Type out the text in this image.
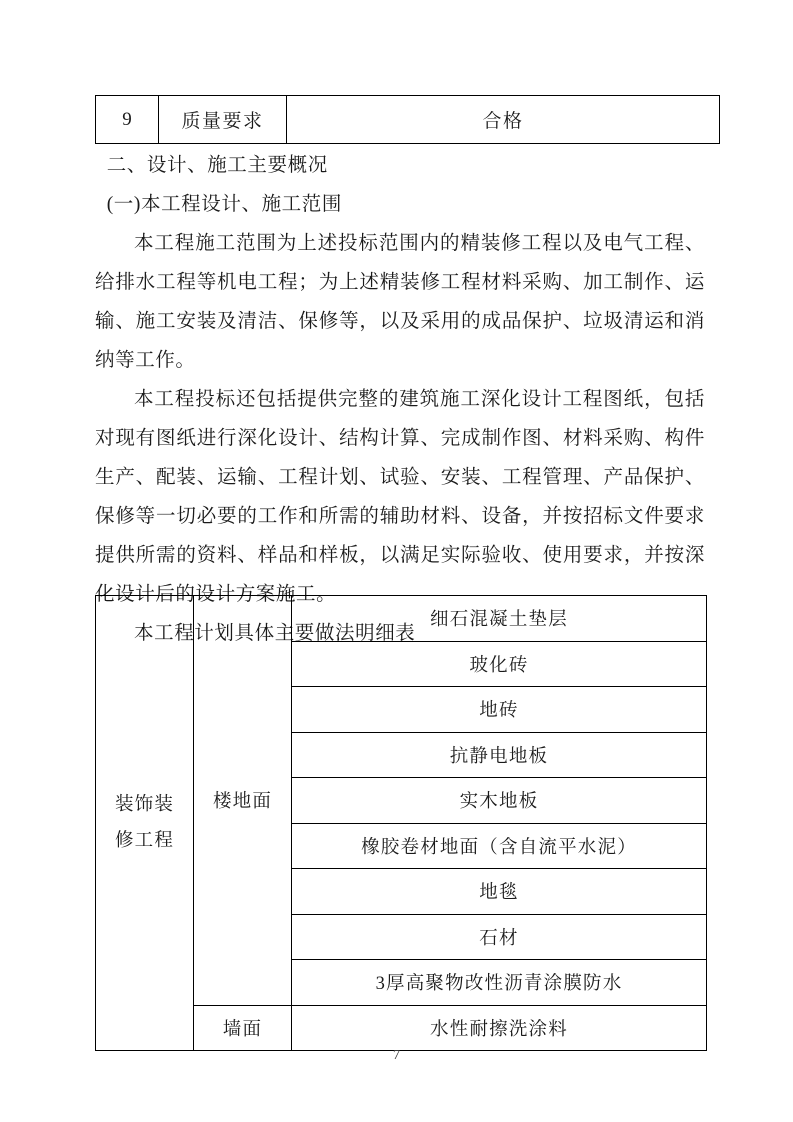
9	质量要求	合格

二、设计、施工主要概况

(一)本工程设计、施工范围

本工程施工范围为上述投标范围内的精装修工程以及电气工程、给排水工程等机电工程；为上述精装修工程材料采购、加工制作、运输、施工安装及清洁、保修等，以及采用的成品保护、垃圾清运和消纳等工作。

本工程投标还包括提供完整的建筑施工深化设计工程图纸，包括对现有图纸进行深化设计、结构计算、完成制作图、材料采购、构件生产、配装、运输、工程计划、试验、安装、工程管理、产品保护、保修等一切必要的工作和所需的辅助材料、设备，并按招标文件要求提供所需的资料、样品和样板，以满足实际验收、使用要求，并按深化设计后的设计方案施工。

本工程计划具体主要做法明细表

装饰装
修工程	楼地面	细石混凝土垫层
		玻化砖
		地砖
		抗静电地板
		实木地板
		橡胶卷材地面（含自流平水泥）
		地毯
		石材
		3厚高聚物改性沥青涂膜防水
	墙面	水性耐擦洗涂料
7
